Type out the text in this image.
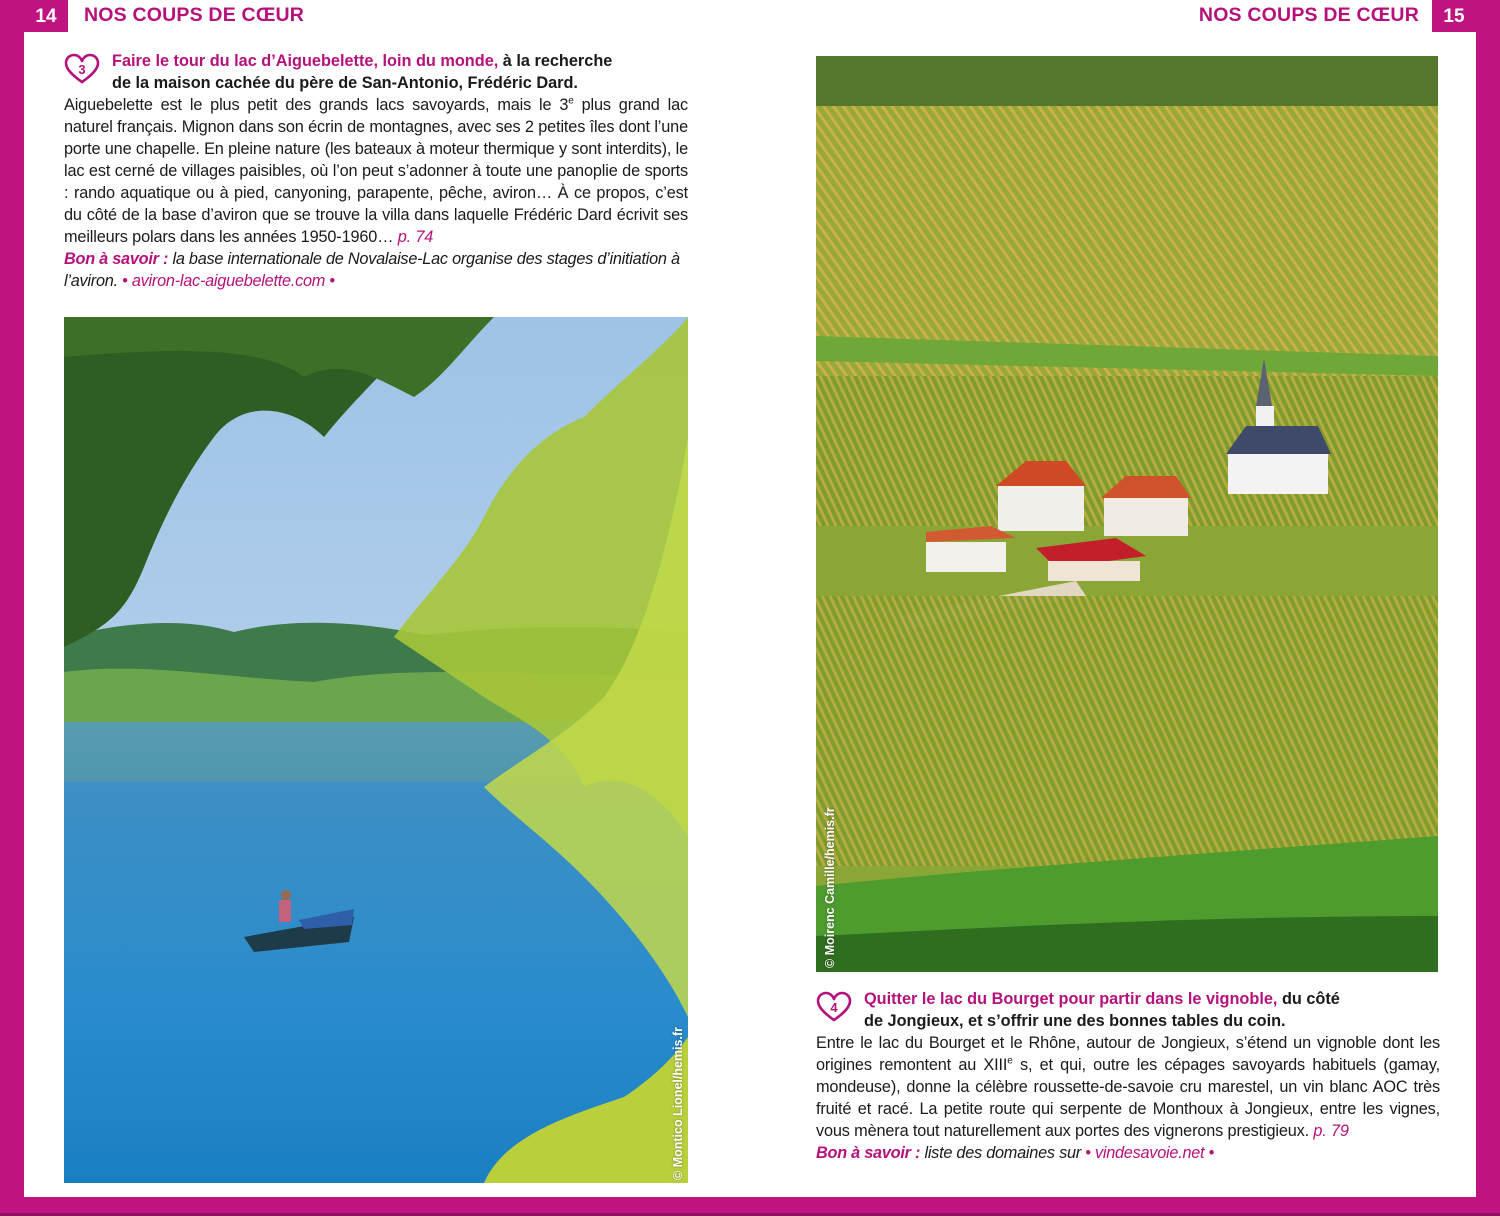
14	NOS COUPS DE CŒUR	NOS COUPS DE CŒUR	15
3	Faire le tour du lac d’Aiguebelette, loin du monde, à la recherche
de la maison cachée du père de San-Antonio, Frédéric Dard.

Aiguebelette est le plus petit des grands lacs savoyards, mais le 3e plus grand lac naturel français. Mignon dans son écrin de montagnes, avec ses 2 petites îles dont l’une porte une chapelle. En pleine nature (les bateaux à moteur thermique y sont interdits), le lac est cerné de villages paisibles, où l’on peut s’adonner à toute une panoplie de sports : rando aquatique ou à pied, canyoning, parapente, pêche, aviron… À ce propos, c’est du côté de la base d’aviron que se trouve la villa dans laquelle Frédéric Dard écrivit ses meilleurs polars dans les années 1950-1960… p. 74

Bon à savoir : la base internationale de Novalaise-Lac organise des stages d’initiation à l’aviron. • aviron-lac-aiguebelette.com •

© Montico Lionel/hemis.fr
© Moirenc Camille/hemis.fr
4	Quitter le lac du Bourget pour partir dans le vignoble, du côté
de Jongieux, et s’offrir une des bonnes tables du coin.

Entre le lac du Bourget et le Rhône, autour de Jongieux, s’étend un vignoble dont les origines remontent au XIIIe s, et qui, outre les cépages savoyards habituels (gamay, mondeuse), donne la célèbre roussette-de-savoie cru marestel, un vin blanc AOC très fruité et racé. La petite route qui serpente de Monthoux à Jongieux, entre les vignes, vous mènera tout naturellement aux portes des vignerons prestigieux. p. 79

Bon à savoir : liste des domaines sur • vindesavoie.net •
